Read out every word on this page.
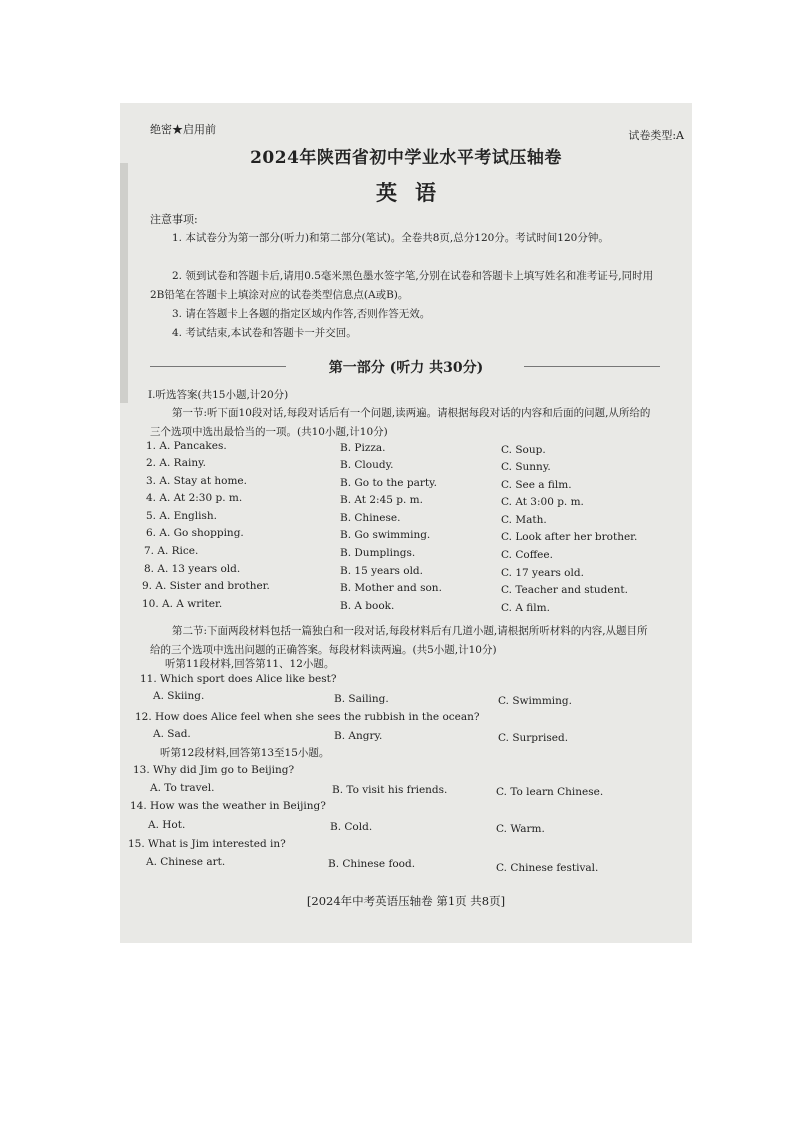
绝密★启用前	试卷类型:A
2024年陕西省初中学业水平考试压轴卷
英语
注意事项:
1. 本试卷分为第一部分(听力)和第二部分(笔试)。全卷共8页,总分120分。考试时间120分钟。
2. 领到试卷和答题卡后,请用0.5毫米黑色墨水签字笔,分别在试卷和答题卡上填写姓名和准考证号,同时用2B铅笔在答题卡上填涂对应的试卷类型信息点(A或B)。
3. 请在答题卡上各题的指定区域内作答,否则作答无效。
4. 考试结束,本试卷和答题卡一并交回。
第一部分 (听力 共30分)
Ⅰ.听选答案(共15小题,计20分)
第一节:听下面10段对话,每段对话后有一个问题,读两遍。请根据每段对话的内容和后面的问题,从所给的三个选项中选出最恰当的一项。(共10小题,计10分)
1. A. Pancakes.	B. Pizza.	C. Soup.
2. A. Rainy.	B. Cloudy.	C. Sunny.
3. A. Stay at home.	B. Go to the party.	C. See a film.
4. A. At 2:30 p. m.	B. At 2:45 p. m.	C. At 3:00 p. m.
5. A. English.	B. Chinese.	C. Math.
6. A. Go shopping.	B. Go swimming.	C. Look after her brother.
7. A. Rice.	B. Dumplings.	C. Coffee.
8. A. 13 years old.	B. 15 years old.	C. 17 years old.
9. A. Sister and brother.	B. Mother and son.	C. Teacher and student.
10. A. A writer.	B. A book.	C. A film.
第二节:下面两段材料包括一篇独白和一段对话,每段材料后有几道小题,请根据所听材料的内容,从题目所给的三个选项中选出问题的正确答案。每段材料读两遍。(共5小题,计10分)
听第11段材料,回答第11、12小题。
11. Which sport does Alice like best?
A. Skiing.	B. Sailing.	C. Swimming.
12. How does Alice feel when she sees the rubbish in the ocean?
A. Sad.	B. Angry.	C. Surprised.
听第12段材料,回答第13至15小题。
13. Why did Jim go to Beijing?
A. To travel.	B. To visit his friends.	C. To learn Chinese.
14. How was the weather in Beijing?
A. Hot.	B. Cold.	C. Warm.
15. What is Jim interested in?
A. Chinese art.	B. Chinese food.	C. Chinese festival.
[2024年中考英语压轴卷 第1页 共8页]
